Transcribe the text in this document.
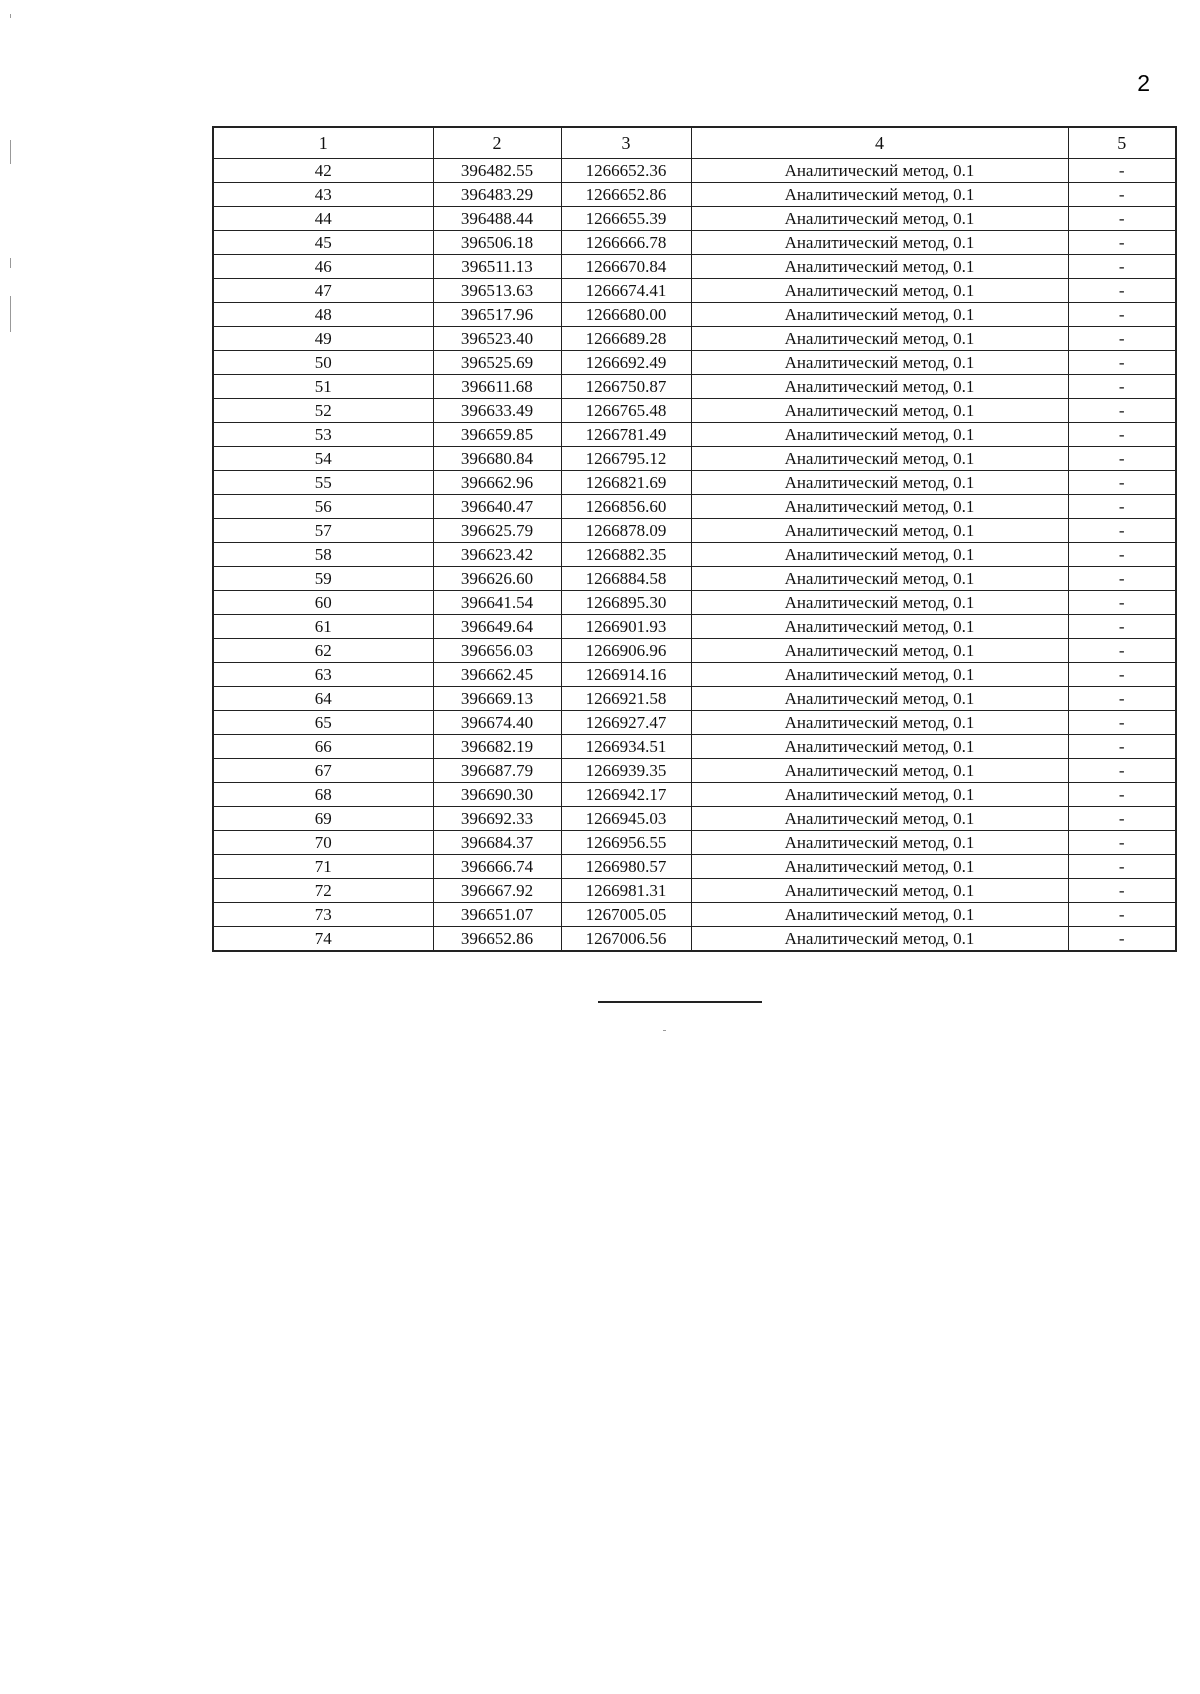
2
1	2	3	4	5
42	396482.55	1266652.36	Аналитический метод, 0.1	-
43	396483.29	1266652.86	Аналитический метод, 0.1	-
44	396488.44	1266655.39	Аналитический метод, 0.1	-
45	396506.18	1266666.78	Аналитический метод, 0.1	-
46	396511.13	1266670.84	Аналитический метод, 0.1	-
47	396513.63	1266674.41	Аналитический метод, 0.1	-
48	396517.96	1266680.00	Аналитический метод, 0.1	-
49	396523.40	1266689.28	Аналитический метод, 0.1	-
50	396525.69	1266692.49	Аналитический метод, 0.1	-
51	396611.68	1266750.87	Аналитический метод, 0.1	-
52	396633.49	1266765.48	Аналитический метод, 0.1	-
53	396659.85	1266781.49	Аналитический метод, 0.1	-
54	396680.84	1266795.12	Аналитический метод, 0.1	-
55	396662.96	1266821.69	Аналитический метод, 0.1	-
56	396640.47	1266856.60	Аналитический метод, 0.1	-
57	396625.79	1266878.09	Аналитический метод, 0.1	-
58	396623.42	1266882.35	Аналитический метод, 0.1	-
59	396626.60	1266884.58	Аналитический метод, 0.1	-
60	396641.54	1266895.30	Аналитический метод, 0.1	-
61	396649.64	1266901.93	Аналитический метод, 0.1	-
62	396656.03	1266906.96	Аналитический метод, 0.1	-
63	396662.45	1266914.16	Аналитический метод, 0.1	-
64	396669.13	1266921.58	Аналитический метод, 0.1	-
65	396674.40	1266927.47	Аналитический метод, 0.1	-
66	396682.19	1266934.51	Аналитический метод, 0.1	-
67	396687.79	1266939.35	Аналитический метод, 0.1	-
68	396690.30	1266942.17	Аналитический метод, 0.1	-
69	396692.33	1266945.03	Аналитический метод, 0.1	-
70	396684.37	1266956.55	Аналитический метод, 0.1	-
71	396666.74	1266980.57	Аналитический метод, 0.1	-
72	396667.92	1266981.31	Аналитический метод, 0.1	-
73	396651.07	1267005.05	Аналитический метод, 0.1	-
74	396652.86	1267006.56	Аналитический метод, 0.1	-
